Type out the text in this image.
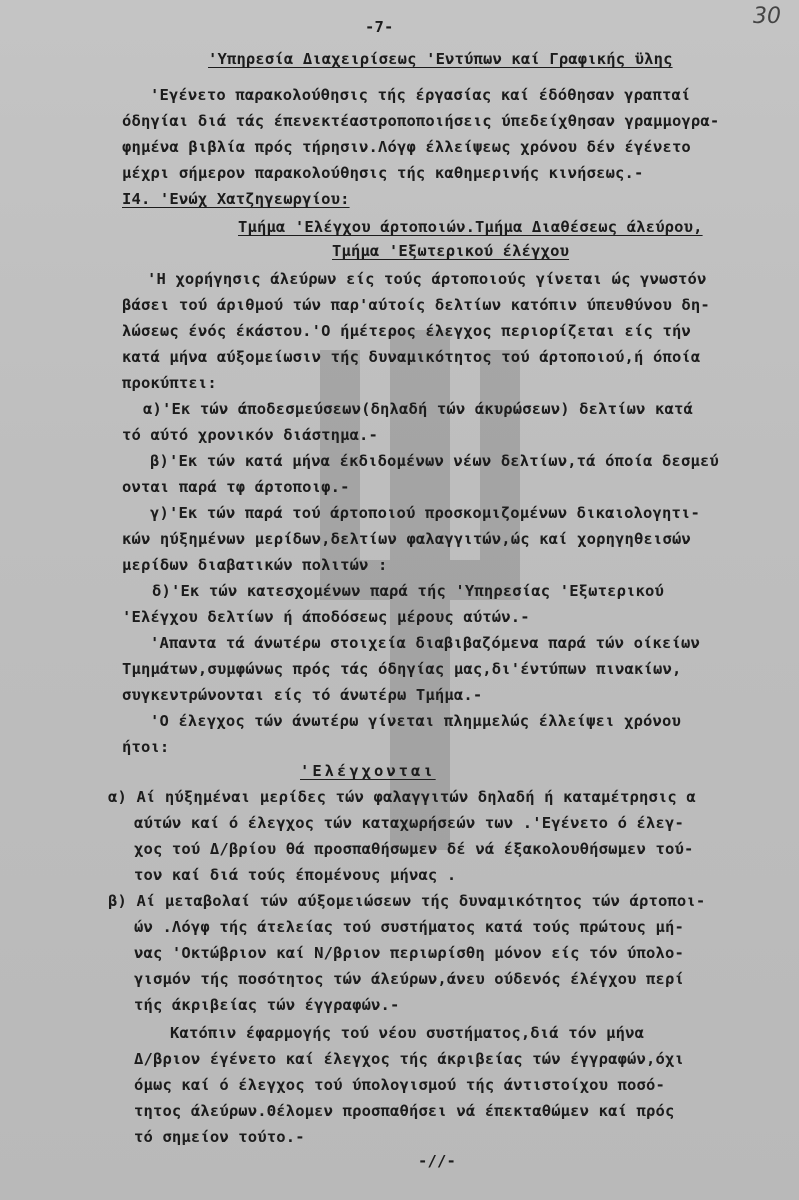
30
-7-
'Υπηρεσία Διαχειρίσεως 'Εντύπων καί Γραφικής ϋλης
'Εγένετο παρακολούθησις τής έργασίας καί έδόθησαν γραπταί
όδηγίαι διά τάς έπενεκτέαστροποποιήσεις ύπεδείχθησαν γραμμογρα-
φημένα βιβλία πρός τήρησιν.Λόγφ έλλείψεως χρόνου δέν έγένετο
μέχρι σήμερον παρακολούθησις τής καθημερινής κινήσεως.-
I4. 'Ενώχ Χατζηγεωργίου:
Τμήμα 'Ελέγχου άρτοποιών.Τμήμα Διαθέσεως άλεύρου,
Τμήμα 'Εξωτερικού έλέγχου
'Η χορήγησις άλεύρων είς τούς άρτοποιούς γίνεται ώς γνωστόν
βάσει τού άριθμού τών παρ'αύτοίς δελτίων κατόπιν ύπευθύνου δη-
λώσεως ένός έκάστου.'Ο ήμέτερος έλεγχος περιορίζεται είς τήν
κατά μήνα αύξομείωσιν τής δυναμικότητος τού άρτοποιού,ή όποία
προκύπτει:
α)'Εκ τών άποδεσμεύσεων(δηλαδή τών άκυρώσεων) δελτίων κατά
τό αύτό χρονικόν διάστημα.-
β)'Εκ τών κατά μήνα έκδιδομένων νέων δελτίων,τά όποία δεσμεύ
ονται παρά τφ άρτοποιφ.-
γ)'Εκ τών παρά τού άρτοποιού προσκομιζομένων δικαιολογητι-
κών ηύξημένων μερίδων,δελτίων φαλαγγιτών,ώς καί χορηγηθεισών
μερίδων διαβατικών πολιτών :
δ)'Εκ τών κατεσχομένων παρά τής 'Υπηρεσίας 'Εξωτερικού
'Ελέγχου δελτίων ή άποδόσεως μέρους αύτών.-
'Απαντα τά άνωτέρω στοιχεία διαβιβαζόμενα παρά τών οίκείων
Τμημάτων,συμφώνως πρός τάς όδηγίας μας,δι'έντύπων πινακίων,
συγκεντρώνονται είς τό άνωτέρω Τμήμα.-
'Ο έλεγχος τών άνωτέρω γίνεται πλημμελώς έλλείψει χρόνου
ήτοι:
'Ελέγχονται
α) Αί ηύξημέναι μερίδες τών φαλαγγιτών δηλαδή ή καταμέτρησις α
αύτών καί ό έλεγχος τών καταχωρήσεών των .'Εγένετο ό έλεγ-
χος τού Δ/βρίου θά προσπαθήσωμεν δέ νά έξακολουθήσωμεν τού-
τον καί διά τούς έπομένους μήνας .
β) Αί μεταβολαί τών αύξομειώσεων τής δυναμικότητος τών άρτοποι-
ών .Λόγφ τής άτελείας τού συστήματος κατά τούς πρώτους μή-
νας 'Οκτώβριον καί Ν/βριον περιωρίσθη μόνον είς τόν ύπολο-
γισμόν τής ποσότητος τών άλεύρων,άνευ ούδενός έλέγχου περί
τής άκριβείας τών έγγραφών.-
Κατόπιν έφαρμογής τού νέου συστήματος,διά τόν μήνα
Δ/βριον έγένετο καί έλεγχος τής άκριβείας τών έγγραφών,όχι
όμως καί ό έλεγχος τού ύπολογισμού τής άντιστοίχου ποσό-
τητος άλεύρων.Θέλομεν προσπαθήσει νά έπεκταθώμεν καί πρός
τό σημείον τούτο.-
-//-
